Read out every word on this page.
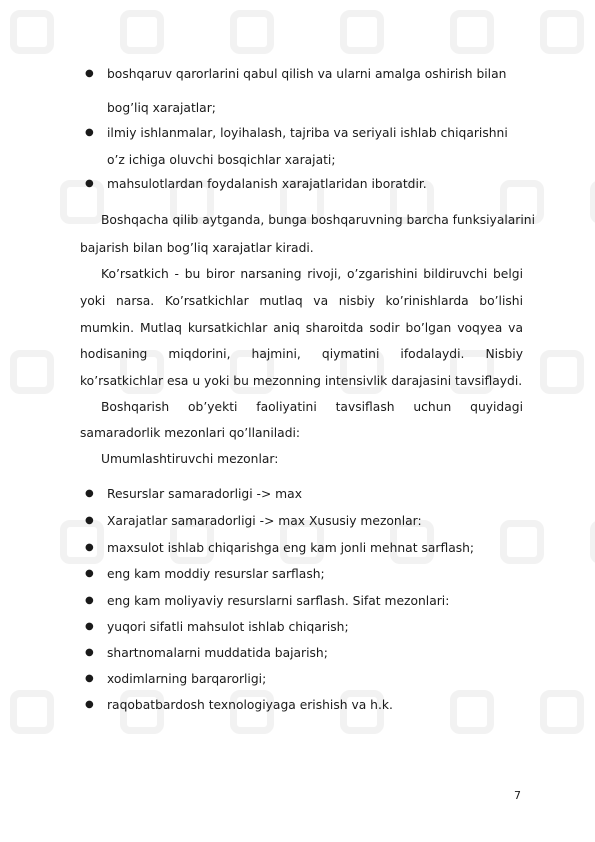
● boshqaruv qarorlarini qabul qilish va ularni amalga oshirish bilan
bog’liq xarajatlar;
● ilmiy ishlanmalar, loyihalash, tajriba va seriyali ishlab chiqarishni
o’z ichiga oluvchi bosqichlar xarajati;
● mahsulotlardan foydalanish xarajatlaridan iboratdir.
Boshqacha qilib aytganda, bunga boshqaruvning barcha funksiyalarini
bajarish bilan bog’liq xarajatlar kiradi.
Ko’rsatkich - bu biror narsaning rivoji, o’zgarishini bildiruvchi belgi
yoki narsa. Ko’rsatkichlar mutlaq va nisbiy ko’rinishlarda bo’lishi
mumkin. Mutlaq kursatkichlar aniq sharoitda sodir bo’lgan voqyea va
hodisaning miqdorini, hajmini, qiymatini ifodalaydi. Nisbiy
ko’rsatkichlar esa u yoki bu mezonning intensivlik darajasini tavsiflaydi.
Boshqarish ob’yekti faoliyatini tavsiflash uchun quyidagi
samaradorlik mezonlari qo’llaniladi:
Umumlashtiruvchi mezonlar:
● Resurslar samaradorligi -> max
● Xarajatlar samaradorligi -> max Xususiy mezonlar:
● maxsulot ishlab chiqarishga eng kam jonli mehnat sarflash;
● eng kam moddiy resurslar sarflash;
● eng kam moliyaviy resurslarni sarflash. Sifat mezonlari:
● yuqori sifatli mahsulot ishlab chiqarish;
● shartnomalarni muddatida bajarish;
● xodimlarning barqarorligi;
● raqobatbardosh texnologiyaga erishish va h.k.
7
